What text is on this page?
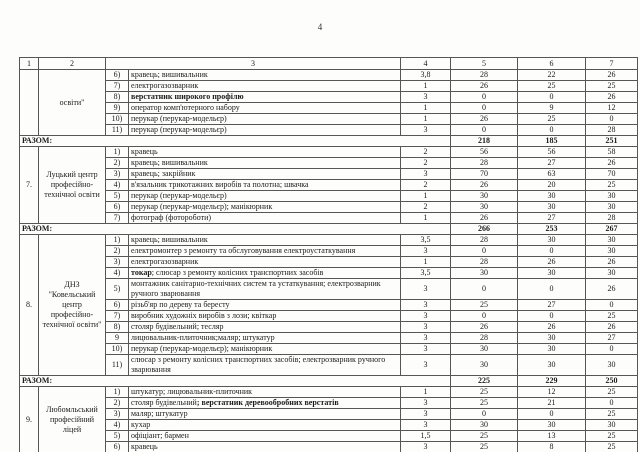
4
1	2	3		4	5	6	7
	освіти"	6)	кравець; вишивальник	3,8	28	22	26
		7)	електрогазозварник	1	26	25	25
		8)	верстатник широкого профілю	3	0	0	26
		9)	оператор комп'ютерного набору	1	0	9	12
		10)	перукар (перукар-модельєр)	1	26	25	0
		11)	перукар (перукар-модельєр)	3	0	0	28
РАЗОМ:					218	185	251
7.	Луцький центр професійно-технічної освіти	1)	кравець	2	56	56	58
		2)	кравець; вишивальник	2	28	27	26
		3)	кравець; закрійник	3	70	63	70
		4)	в'язальник трикотажних виробів та полотна; швачка	2	26	20	25
		5)	перукар (перукар-модельєр)	1	30	30	30
		6)	перукар (перукар-модельєр); манікюрник	2	30	30	30
		7)	фотограф (фотороботи)	1	26	27	28
РАЗОМ:					266	253	267
8.	ДНЗ "Ковельський центр професійно-технічної освіти"	1)	кравець; вишивальник	3,5	28	30	30
		2)	електромонтер з ремонту та обслуговування електроустаткування	3	0	0	30
		3)	електрогазозварник	1	28	26	26
		4)	токар; слюсар з ремонту колісних транспортних засобів	3,5	30	30	30
		5)	монтажник санітарно-технічних систем та устаткування; електрозварник ручного зварювання	3	0	0	26
		6)	різьб'яр по дереву та бересту	3	25	27	0
		7)	виробник художніх виробів з лози; квіткар	3	0	0	25
		8)	столяр будівельний; тесляр	3	26	26	26
		9	лицювальник-плиточник;маляр; штукатур	3	28	30	27
		10)	перукар (перукар-модельєр); манікюрник	3	30	30	0
		11)	слюсар з ремонту колісних транспортних засобів; електрозварник ручного зварювання	3	30	30	30
РАЗОМ:					225	229	250
9.	Любомльський професійний ліцей	1)	штукатур; лицювальник-плиточник	1	25	12	25
		2)	столяр будівельний; верстатник деревообробних верстатів	3	25	21	0
		3)	маляр; штукатур	3	0	0	25
		4)	кухар	3	30	30	30
		5)	офіціант; бармен	1,5	25	13	25
		6)	кравець	3	25	8	25
